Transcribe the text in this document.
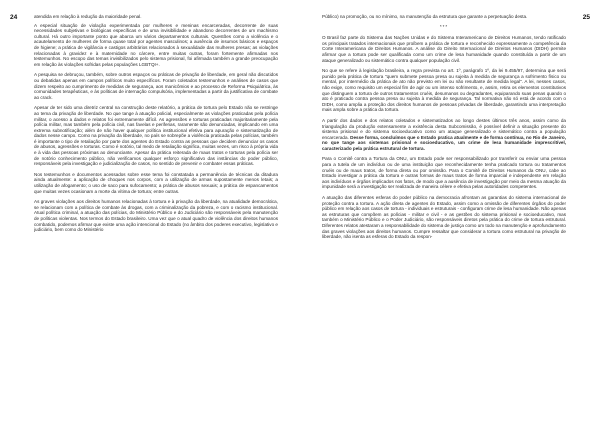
24	atendida em relação à redução da maioridade penal.

A especial situação de violação experimentada por mulheres e meninas encarceradas, decorrente de suas necessidades subjetivas e biológicas específicas e de uma invisibilidade e abandono decorrentes de um machismo cultural. Há outro importante ponto que abarca um vários departamentos culturais. Questões como a violência e o acautelamento de mulheres de forma quase total por agentes masculinos; a ausência de insumos básicos e espaços de higiene; a prática de vigilância e castigos arbitrários relacionados à sexualidade das mulheres presas; as violações relacionadas à gravidez e à maternidade no cárcere, entre muitas outras, foram fortemente afirmadas nos testemunhos. No escopo das temas invisibilizados pelo sistema prisional, foi afirmada também a grande preocupação em relação às violações sofridas pelas populações LGBTQI+.

A pesquisa se debruçou, também, sobre outros espaços ou práticas de privação de liberdade, em geral não discutidos ou debatidas apenas em campos políticos muito específicos. Foram coletados testemunhos e análises de casos que dizem respeito ao cumprimento de medidas de segurança, aos manicômios e ao processo de Reforma Psiquiátrica, às comunidades terapêuticas, e às políticas de internação compulsória, implementadas a partir da justificativa de combate ao crack.

Apesar de ter sido uma diretriz central na construção deste relatório, a prática de tortura pelo Estado não se restringe ao tema da privação de liberdade. No que tange à atuação policial, especialmente as violações praticadas pela polícia militar, o acesso a dados e relatos foi extremamente difícil. As agressões e torturas praticadas majoritariamente pela polícia militar, mas também pela polícia civil, nas favelas e periferias, raramente são denunciadas, implicando em uma extrema subnotificação; além de não haver qualquer política institucional efetiva para apuração e sistematização de dados nesse campo. Como na privação da liberdade, no país se sobrepõe a violência praticada pelas polícias, também é importante o tipo de retaliação por parte dos agentes do Estado contra as pessoas que decidem denunciar os casos de abusos, agressões e torturas. Como é notório, tal medo de retaliação significa, muitas vezes, um risco à própria vida e à vida das pessoas próximas ao denunciante. Apesar da prática reiterada de maus tratos e torturas pela polícia ser de notório conhecimento público, não verificamos qualquer esforço significativo das instâncias do poder público, responsáveis pela investigação e judicialização de casos, no sentido de prevenir e combater essas práticas.

Nos testemunhos e documentos acessados sobre esse tema foi constatada a permanência de técnicas da ditadura ainda atualmente: a aplicação de choques nos corpos, com a utilização de armas supostamente menos letais; a utilização de afogamento; o uso de saco para sufocamento; a prática de abusos sexuais; a prática de espancamentos que muitas vezes ocasionam a morte da vítima de tortura; entre outras.

As graves violações aos direitos humanos relacionadas à tortura e à privação da liberdade, na atualidade democrática, se relacionam com a política de combate às drogas, com a criminalização da pobreza, e com o racismo institucional. Atual política criminal, a atuação das polícias, do Ministério Público e do Judiciário são responsáveis pela manutenção de políticas violentas. Nos termos do Estado brasileiro. Uma vez que o atual quadro de violência dos direitos humanos combatido, podemos afirmar que existe uma ação intencional do Estado (no âmbito dos poderes executivo, legislativo e judiciário, bem como do Ministério

25

Público) na promoção, ou no mínimo, na manutenção da estrutura que garante a perpetuação desta.

***

O Brasil faz parte do Sistema das Nações Unidas e do Sistema Interamericano de Direitos Humanos, tendo ratificado os principais tratados internacionais que proíbem a prática de tortura e reconhecido expressamente a competência da Corte Interamericana de Direitos Humanos. A análise do Direito Internacional de Direitos Humanos (DIDH) permite afirmar que a tortura pode ser qualificada como um crime de lesa humanidade quando constituída a partir de um ataque generalizado ou sistemático contra qualquer população civil.

No que se refere à legislação brasileira, a regra prevista no art. 1º, parágrafo 1º, da lei 9.455/97, determina que será punido pela prática de tortura "quem submete pessoa presa ou sujeita à medida de segurança a sofrimento físico ou mental, por intermédio da prática de ato não previsto em lei ou não resultante de medida legal". A lei, nesses casos, não exige, como requisito um especial fim de agir ou um intenso sofrimento, e, assim, retira os elementos constitutivos que distinguem a tortura de outros tratamentos cruéis, desumanos ou degradantes, equiparando suas penas quando o ato é praticado contra pessoa presa ou sujeita à medida de segurança. Tal normativa não só está de acordo com o DIDH, como amplia a proteção dos direitos humanos de pessoas privadas de liberdade, garantindo uma interpretação mais ampla sobre a prática da tortura.

A partir dos dados e dos relatos coletados e sistematizados ao longo destes últimos três anos, assim como da triangulação da produção extensamente a existência desta Subcomissão, é possível definir a situação presente do sistema prisional e do sistema socioeducativo como um ataque generalizado e sistemático contra a população encarcerada. Desse forma, concluímos que o Estado pratica atualmente e de forma contínua, no Rio de Janeiro, no que tange aos sistemas prisional e socioeducativo, um crime de lesa humanidade imprescritível, caracterizado pela prática estrutural de tortura.

Para o Comitê contra a Tortura da ONU, um Estado pode ser responsabilizado por transferir ou enviar uma pessoa para a tutela de um indivíduo ou de uma instituição que reconhecidamente tenha praticado tortura ou tratamentos cruéis ou de maus tratos, de forma direta ou por omissão. Para o Comitê de Direitos Humanos da ONU, cabe ao Estado investigar a prática da tortura e outras formas de maus tratos de forma imparcial e independente em relação aos indivíduos e órgãos implicados nos fatos, de modo que a ausência de investigação por meio da mesma atuação da impunidade será a investigação ser realizada de maneira célere e efetiva pelas autoridades competentes.

A atuação das diferentes esferas do poder público na democracia afrontam as garantias do sistema internacional de proteção contra a tortura. A ação direta de agentes do Estado, assim como a omissão de diferentes órgãos do poder público em relação aos casos de tortura - individuais e estruturais - configuram crime de lesa humanidade. Não apenas as estruturas que compõem as polícias - militar e civil - e as gestões do sistema prisional e socioeducativo, mas também o Ministério Público e o Poder Judiciário, são responsáveis diretos pela prática do crime de tortura estrutural. Diferentes relatos atestaram a responsabilidade do sistema de justiça como um todo na manutenção e aprofundamento das graves violações aos direitos humanos. Cumpre ressaltar que considerar a tortura como estrutural na privação de liberdade, não isenta as esferas do Estado da respon-
